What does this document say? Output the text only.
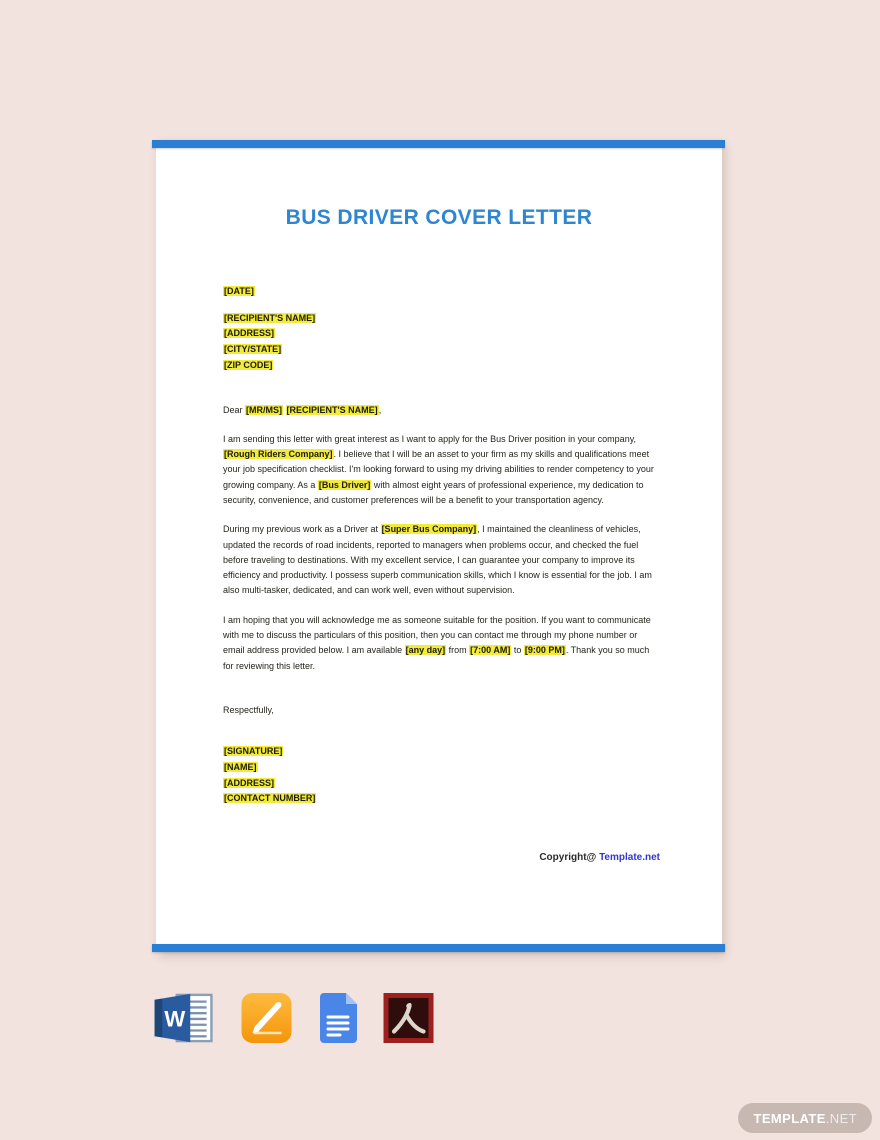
BUS DRIVER COVER LETTER
[DATE]
[RECIPIENT'S NAME]
[ADDRESS]
[CITY/STATE]
[ZIP CODE]

Dear [MR/MS] [RECIPIENT'S NAME],

I am sending this letter with great interest as I want to apply for the Bus Driver position in your company, [Rough Riders Company]. I believe that I will be an asset to your firm as my skills and qualifications meet your job specification checklist. I'm looking forward to using my driving abilities to render competency to your growing company. As a [Bus Driver] with almost eight years of professional experience, my dedication to security, convenience, and customer preferences will be a benefit to your transportation agency.

During my previous work as a Driver at [Super Bus Company], I maintained the cleanliness of vehicles, updated the records of road incidents, reported to managers when problems occur, and checked the fuel before traveling to destinations. With my excellent service, I can guarantee your company to improve its efficiency and productivity. I possess superb communication skills, which I know is essential for the job. I am also multi-tasker, dedicated, and can work well, even without supervision.

I am hoping that you will acknowledge me as someone suitable for the position. If you want to communicate with me to discuss the particulars of this position, then you can contact me through my phone number or email address provided below. I am available [any day] from [7:00 AM] to [9:00 PM]. Thank you so much for reviewing this letter.

Respectfully,

[SIGNATURE]
[NAME]
[ADDRESS]
[CONTACT NUMBER]

Copyright@ Template.net

W
TEMPLATE .NET
